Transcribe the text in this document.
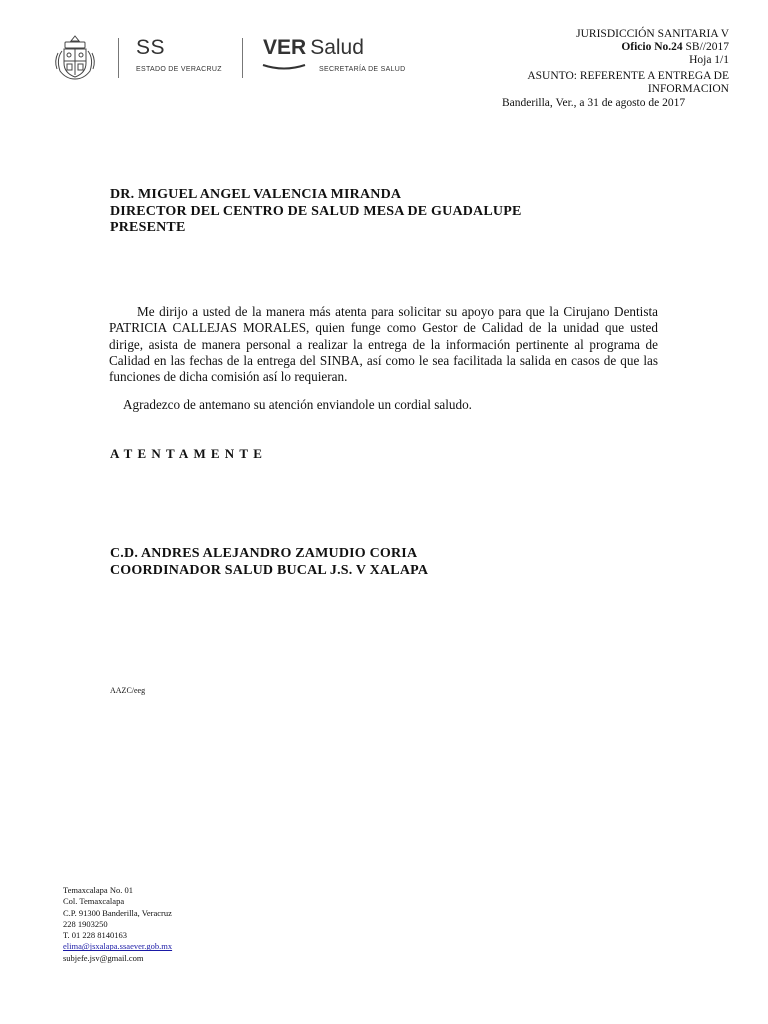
SS
ESTADO DE VERACRUZ
VER Salud
SECRETARÍA DE SALUD
JURISDICCIÓN SANITARIA V
Oficio No.24 SB//2017
Hoja 1/1
ASUNTO: REFERENTE A ENTREGA DE
INFORMACION
Banderilla, Ver., a 31 de agosto de 2017
DR. MIGUEL ANGEL VALENCIA MIRANDA
DIRECTOR DEL CENTRO DE SALUD MESA DE GUADALUPE
PRESENTE
Me dirijo a usted de la manera más atenta para solicitar su apoyo para que la Cirujano Dentista PATRICIA CALLEJAS MORALES, quien funge como Gestor de Calidad de la unidad que usted dirige, asista de manera personal a realizar la entrega de la información pertinente al programa de Calidad en las fechas de la entrega del SINBA, así como le sea facilitada la salida en casos de que las funciones de dicha comisión así lo requieran.
Agradezco de antemano su atención enviandole un cordial saludo.
ATENTAMENTE
C.D. ANDRES ALEJANDRO ZAMUDIO CORIA
COORDINADOR SALUD BUCAL J.S. V XALAPA
AAZC/eeg
Temaxcalapa No. 01
Col. Temaxcalapa
C.P. 91300 Banderilla, Veracruz
228 1903250
T. 01 228 8140163
elima@jsxalapa.ssaever.gob.mx
subjefe.jsv@gmail.com
